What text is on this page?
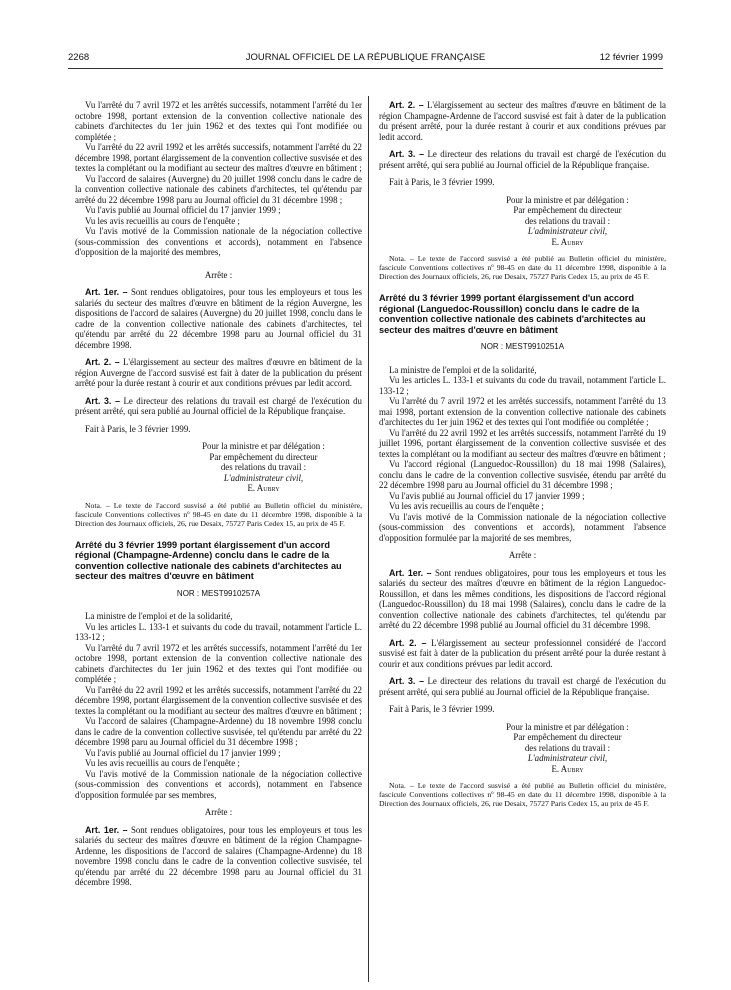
2268	JOURNAL OFFICIEL DE LA RÉPUBLIQUE FRANÇAISE	12 février 1999

Vu l'arrêté du 7 avril 1972 et les arrêtés successifs, notamment l'arrêté du 1er octobre 1998, portant extension de la convention collective nationale des cabinets d'architectes du 1er juin 1962 et des textes qui l'ont modifiée ou complétée ;

Vu l'arrêté du 22 avril 1992 et les arrêtés successifs, notamment l'arrêté du 22 décembre 1998, portant élargissement de la convention collective susvisée et des textes la complétant ou la modifiant au secteur des maîtres d'œuvre en bâtiment ;

Vu l'accord de salaires (Auvergne) du 20 juillet 1998 conclu dans le cadre de la convention collective nationale des cabinets d'architectes, tel qu'étendu par arrêté du 22 décembre 1998 paru au Journal officiel du 31 décembre 1998 ;

Vu l'avis publié au Journal officiel du 17 janvier 1999 ;

Vu les avis recueillis au cours de l'enquête ;

Vu l'avis motivé de la Commission nationale de la négociation collective (sous-commission des conventions et accords), notamment en l'absence d'opposition de la majorité des membres,

Arrête :

Art. 1er. – Sont rendues obligatoires, pour tous les employeurs et tous les salariés du secteur des maîtres d'œuvre en bâtiment de la région Auvergne, les dispositions de l'accord de salaires (Auvergne) du 20 juillet 1998, conclu dans le cadre de la convention collective nationale des cabinets d'architectes, tel qu'étendu par arrêté du 22 décembre 1998 paru au Journal officiel du 31 décembre 1998.

Art. 2. – L'élargissement au secteur des maîtres d'œuvre en bâtiment de la région Auvergne de l'accord susvisé est fait à dater de la publication du présent arrêté pour la durée restant à courir et aux conditions prévues par ledit accord.

Art. 3. – Le directeur des relations du travail est chargé de l'exécution du présent arrêté, qui sera publié au Journal officiel de la République française.

Fait à Paris, le 3 février 1999.

Pour la ministre et par délégation :

Par empêchement du directeur

des relations du travail :

L'administrateur civil,

E. Aubry

Nota. – Le texte de l'accord susvisé a été publié au Bulletin officiel du ministère, fascicule Conventions collectives nº 98-45 en date du 11 décembre 1998, disponible à la Direction des Journaux officiels, 26, rue Desaix, 75727 Paris Cedex 15, au prix de 45 F.

Arrêté du 3 février 1999 portant élargissement d'un accord régional (Champagne-Ardenne) conclu dans le cadre de la convention collective nationale des cabinets d'architectes au secteur des maîtres d'œuvre en bâtiment

NOR : MEST9910257A

La ministre de l'emploi et de la solidarité,

Vu les articles L. 133-1 et suivants du code du travail, notamment l'article L. 133-12 ;

Vu l'arrêté du 7 avril 1972 et les arrêtés successifs, notamment l'arrêté du 1er octobre 1998, portant extension de la convention collective nationale des cabinets d'architectes du 1er juin 1962 et des textes qui l'ont modifiée ou complétée ;

Vu l'arrêté du 22 avril 1992 et les arrêtés successifs, notamment l'arrêté du 22 décembre 1998, portant élargissement de la convention collective susvisée et des textes la complétant ou la modifiant au secteur des maîtres d'œuvre en bâtiment ;

Vu l'accord de salaires (Champagne-Ardenne) du 18 novembre 1998 conclu dans le cadre de la convention collective susvisée, tel qu'étendu par arrêté du 22 décembre 1998 paru au Journal officiel du 31 décembre 1998 ;

Vu l'avis publié au Journal officiel du 17 janvier 1999 ;

Vu les avis recueillis au cours de l'enquête ;

Vu l'avis motivé de la Commission nationale de la négociation collective (sous-commission des conventions et accords), notamment en l'absence d'opposition formulée par ses membres,

Arrête :

Art. 1er. – Sont rendues obligatoires, pour tous les employeurs et tous les salariés du secteur des maîtres d'œuvre en bâtiment de la région Champagne-Ardenne, les dispositions de l'accord de salaires (Champagne-Ardenne) du 18 novembre 1998 conclu dans le cadre de la convention collective susvisée, tel qu'étendu par arrêté du 22 décembre 1998 paru au Journal officiel du 31 décembre 1998.

Art. 2. – L'élargissement au secteur des maîtres d'œuvre en bâtiment de la région Champagne-Ardenne de l'accord susvisé est fait à dater de la publication du présent arrêté, pour la durée restant à courir et aux conditions prévues par ledit accord.

Art. 3. – Le directeur des relations du travail est chargé de l'exécution du présent arrêté, qui sera publié au Journal officiel de la République française.

Fait à Paris, le 3 février 1999.

Pour la ministre et par délégation :

Par empêchement du directeur

des relations du travail :

L'administrateur civil,

E. Aubry

Nota. – Le texte de l'accord susvisé a été publié au Bulletin officiel du ministère, fascicule Conventions collectives nº 98-45 en date du 11 décembre 1998, disponible à la Direction des Journaux officiels, 26, rue Desaix, 75727 Paris Cedex 15, au prix de 45 F.

Arrêté du 3 février 1999 portant élargissement d'un accord régional (Languedoc-Roussillon) conclu dans le cadre de la convention collective nationale des cabinets d'architectes au secteur des maîtres d'œuvre en bâtiment

NOR : MEST9910251A

La ministre de l'emploi et de la solidarité,

Vu les articles L. 133-1 et suivants du code du travail, notamment l'article L. 133-12 ;

Vu l'arrêté du 7 avril 1972 et les arrêtés successifs, notamment l'arrêté du 13 mai 1998, portant extension de la convention collective nationale des cabinets d'architectes du 1er juin 1962 et des textes qui l'ont modifiée ou complétée ;

Vu l'arrêté du 22 avril 1992 et les arrêtés successifs, notamment l'arrêté du 19 juillet 1996, portant élargissement de la convention collective susvisée et des textes la complétant ou la modifiant au secteur des maîtres d'œuvre en bâtiment ;

Vu l'accord régional (Languedoc-Roussillon) du 18 mai 1998 (Salaires), conclu dans le cadre de la convention collective susvisée, étendu par arrêté du 22 décembre 1998 paru au Journal officiel du 31 décembre 1998 ;

Vu l'avis publié au Journal officiel du 17 janvier 1999 ;

Vu les avis recueillis au cours de l'enquête ;

Vu l'avis motivé de la Commission nationale de la négociation collective (sous-commission des conventions et accords), notamment l'absence d'opposition formulée par la majorité de ses membres,

Arrête :

Art. 1er. – Sont rendues obligatoires, pour tous les employeurs et tous les salariés du secteur des maîtres d'œuvre en bâtiment de la région Languedoc-Roussillon, et dans les mêmes conditions, les dispositions de l'accord régional (Languedoc-Roussillon) du 18 mai 1998 (Salaires), conclu dans le cadre de la convention collective nationale des cabinets d'architectes, tel qu'étendu par arrêté du 22 décembre 1998 publié au Journal officiel du 31 décembre 1998.

Art. 2. – L'élargissement au secteur professionnel considéré de l'accord susvisé est fait à dater de la publication du présent arrêté pour la durée restant à courir et aux conditions prévues par ledit accord.

Art. 3. – Le directeur des relations du travail est chargé de l'exécution du présent arrêté, qui sera publié au Journal officiel de la République française.

Fait à Paris, le 3 février 1999.

Pour la ministre et par délégation :

Par empêchement du directeur

des relations du travail :

L'administrateur civil,

E. Aubry

Nota. – Le texte de l'accord susvisé a été publié au Bulletin officiel du ministère, fascicule Conventions collectives nº 98-45 en date du 11 décembre 1998, disponible à la Direction des Journaux officiels, 26, rue Desaix, 75727 Paris Cedex 15, au prix de 45 F.
